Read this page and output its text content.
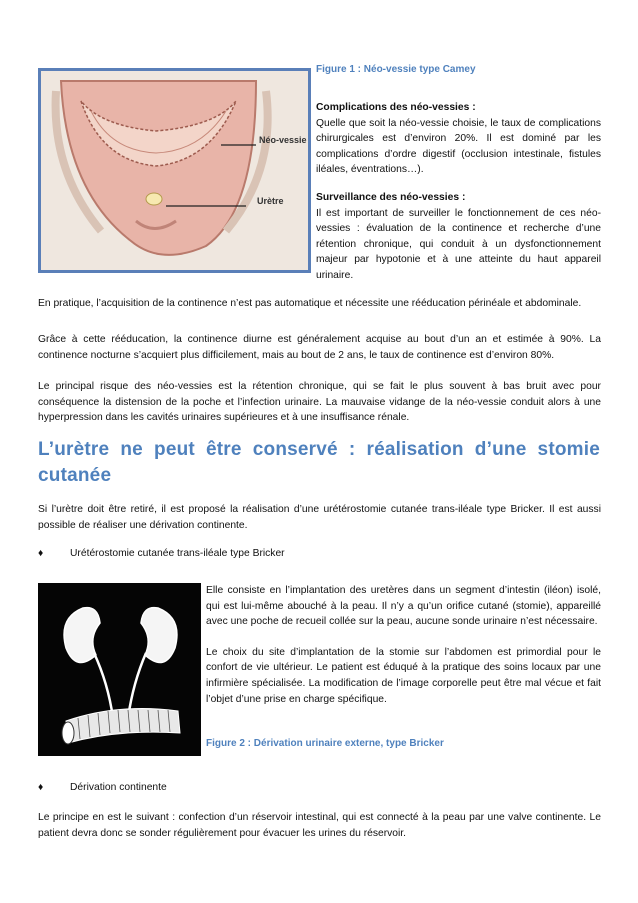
Néo-vessie
Urètre
Figure 1 : Néo-vessie type Camey
Complications des néo-vessies :

Quelle que soit la néo-vessie choisie, le taux de complications chirurgicales est d’environ 20%. Il est dominé par les complications d’ordre digestif (occlusion intestinale, fistules iléales, éventrations…).

Surveillance des néo-vessies :

Il est important de surveiller le fonctionnement de ces néo-vessies : évaluation de la continence et recherche d’une rétention chronique, qui conduit à un dysfonctionnement majeur par hypotonie et à une atteinte du haut appareil urinaire.

En pratique, l’acquisition de la continence n’est pas automatique et nécessite une rééducation périnéale et abdominale.

Grâce à cette rééducation, la continence diurne est généralement acquise au bout d’un an et estimée à 90%. La continence nocturne s’acquiert plus difficilement, mais au bout de 2 ans, le taux de continence est d’environ 80%.

Le principal risque des néo-vessies est la rétention chronique, qui se fait le plus souvent à bas bruit avec pour conséquence la distension de la poche et l’infection urinaire. La mauvaise vidange de la néo-vessie conduit alors à une hyperpression dans les cavités urinaires supérieures et à une insuffisance rénale.

L’urètre ne peut être conservé : réalisation d’une stomie cutanée

Si l’urètre doit être retiré, il est proposé la réalisation d’une urétérostomie cutanée trans-iléale type Bricker. Il est aussi possible de réaliser une dérivation continente.

♦	Urétérostomie cutanée trans-iléale type Bricker

Elle consiste en l’implantation des uretères dans un segment d’intestin (iléon) isolé, qui est lui-même abouché à la peau. Il n’y a qu’un orifice cutané (stomie), appareillé avec une poche de recueil collée sur la peau, aucune sonde urinaire n’est nécessaire.

Le choix du site d’implantation de la stomie sur l’abdomen est primordial pour le confort de vie ultérieur. Le patient est éduqué à la pratique des soins locaux par une infirmière spécialisée. La modification de l’image corporelle peut être mal vécue et fait l’objet d’une prise en charge spécifique.

Figure 2 : Dérivation urinaire externe, type Bricker
♦	Dérivation continente

Le principe en est le suivant : confection d’un réservoir intestinal, qui est connecté à la peau par une valve continente. Le patient devra donc se sonder régulièrement pour évacuer les urines du réservoir.
